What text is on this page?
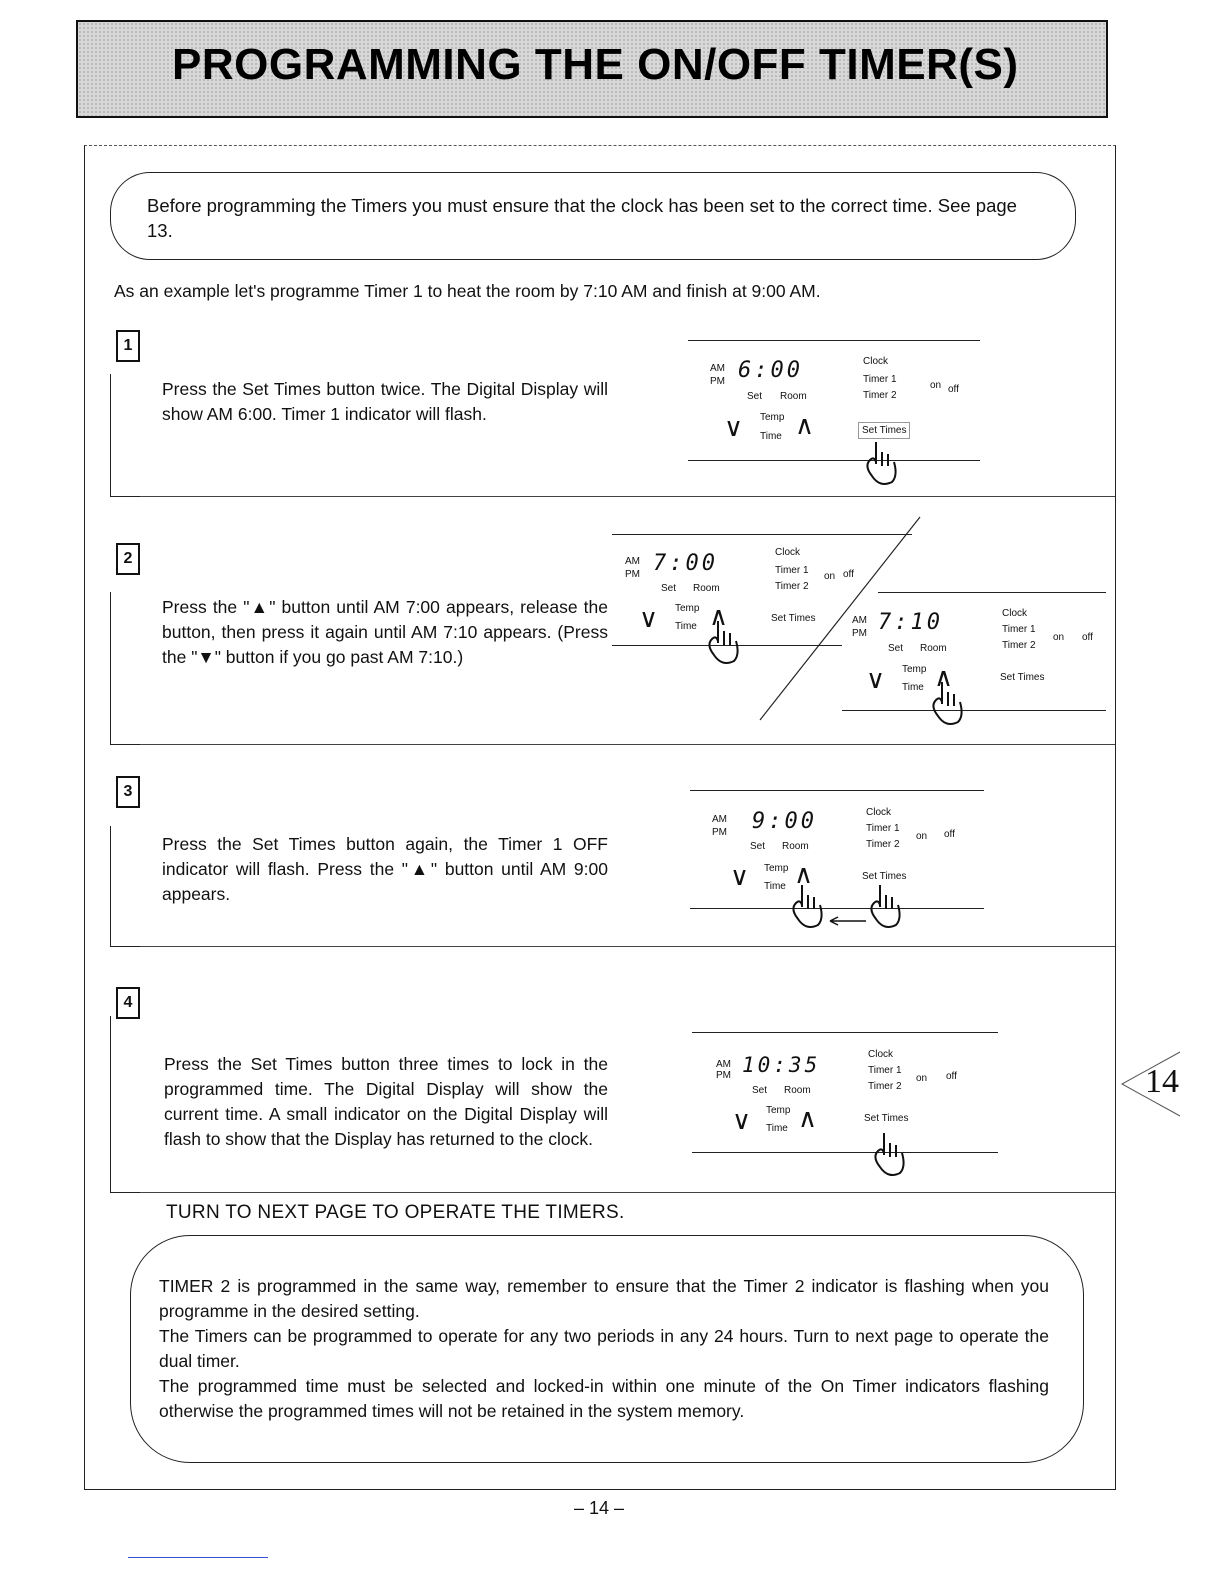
PROGRAMMING THE ON/OFF TIMER(S)

Before programming the Timers you must ensure that the clock has been set to the correct time. See page 13.

As an example let's programme Timer 1 to heat the room by 7:10 AM and finish at 9:00 AM.
1
Press the Set Times button twice. The Digital Display will show AM 6:00. Timer 1 indicator will flash.
AM
PM 6:00
Set Room
∨ Temp
Time ∧
Clock
Timer 1
Timer 2
on off
Set Times
2
Press the "▲" button until AM 7:00 appears, release the button, then press it again until AM 7:10 appears. (Press the "▼" button if you go past AM 7:10.)
AM
PM 7:00
Set Room
∨ Temp
Time ∧
Clock
Timer 1
Timer 2
on off
Set Times	AM
PM 7:10
Set Room
∨ Temp
Time ∧
Clock
Timer 1
Timer 2
on off
Set Times
3
Press the Set Times button again, the Timer 1 OFF indicator will flash. Press the "▲" button until AM 9:00 appears.
AM
PM 9:00
Set Room
∨ Temp
Time ∧
Clock
Timer 1
Timer 2
on off
Set Times
4
Press the Set Times button three times to lock in the programmed time. The Digital Display will show the current time. A small indicator on the Digital Display will flash to show that the Display has returned to the clock.
AM
PM 10:35
Set Room
∨ Temp
Time ∧
Clock
Timer 1
Timer 2
on off
Set Times
TURN TO NEXT PAGE TO OPERATE THE TIMERS.

TIMER 2 is programmed in the same way, remember to ensure that the Timer 2 indicator is flashing when you programme in the desired setting.

The Timers can be programmed to operate for any two periods in any 24 hours. Turn to next page to operate the dual timer.

The programmed time must be selected and locked-in within one minute of the On Timer indicators flashing otherwise the programmed times will not be retained in the system memory.

14
– 14 –
